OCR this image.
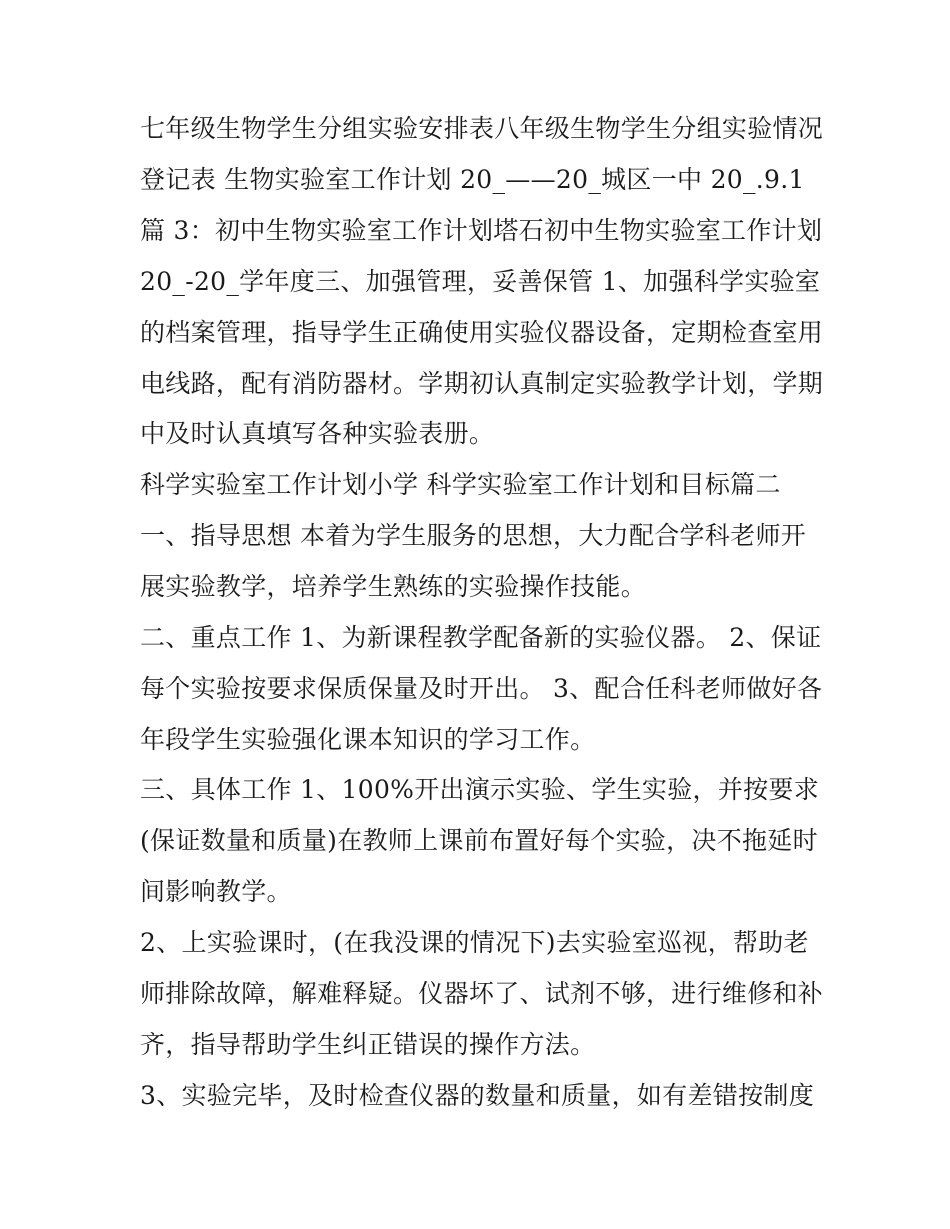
七年级生物学生分组实验安排表八年级生物学生分组实验情况
登记表 生物实验室工作计划 20_——20_城区一中 20_.9.1
篇 3：初中生物实验室工作计划塔石初中生物实验室工作计划
20_-20_学年度三、加强管理，妥善保管 1、加强科学实验室
的档案管理，指导学生正确使用实验仪器设备，定期检查室用
电线路，配有消防器材。学期初认真制定实验教学计划，学期
中及时认真填写各种实验表册。
科学实验室工作计划小学 科学实验室工作计划和目标篇二
一、指导思想 本着为学生服务的思想，大力配合学科老师开
展实验教学，培养学生熟练的实验操作技能。
二、重点工作 1、为新课程教学配备新的实验仪器。 2、保证
每个实验按要求保质保量及时开出。 3、配合任科老师做好各
年段学生实验强化课本知识的学习工作。
三、具体工作 1、100%开出演示实验、学生实验，并按要求
(保证数量和质量)在教师上课前布置好每个实验，决不拖延时
间影响教学。
2、上实验课时，(在我没课的情况下)去实验室巡视，帮助老
师排除故障，解难释疑。仪器坏了、试剂不够，进行维修和补
齐，指导帮助学生纠正错误的操作方法。
3、实验完毕，及时检查仪器的数量和质量，如有差错按制度
